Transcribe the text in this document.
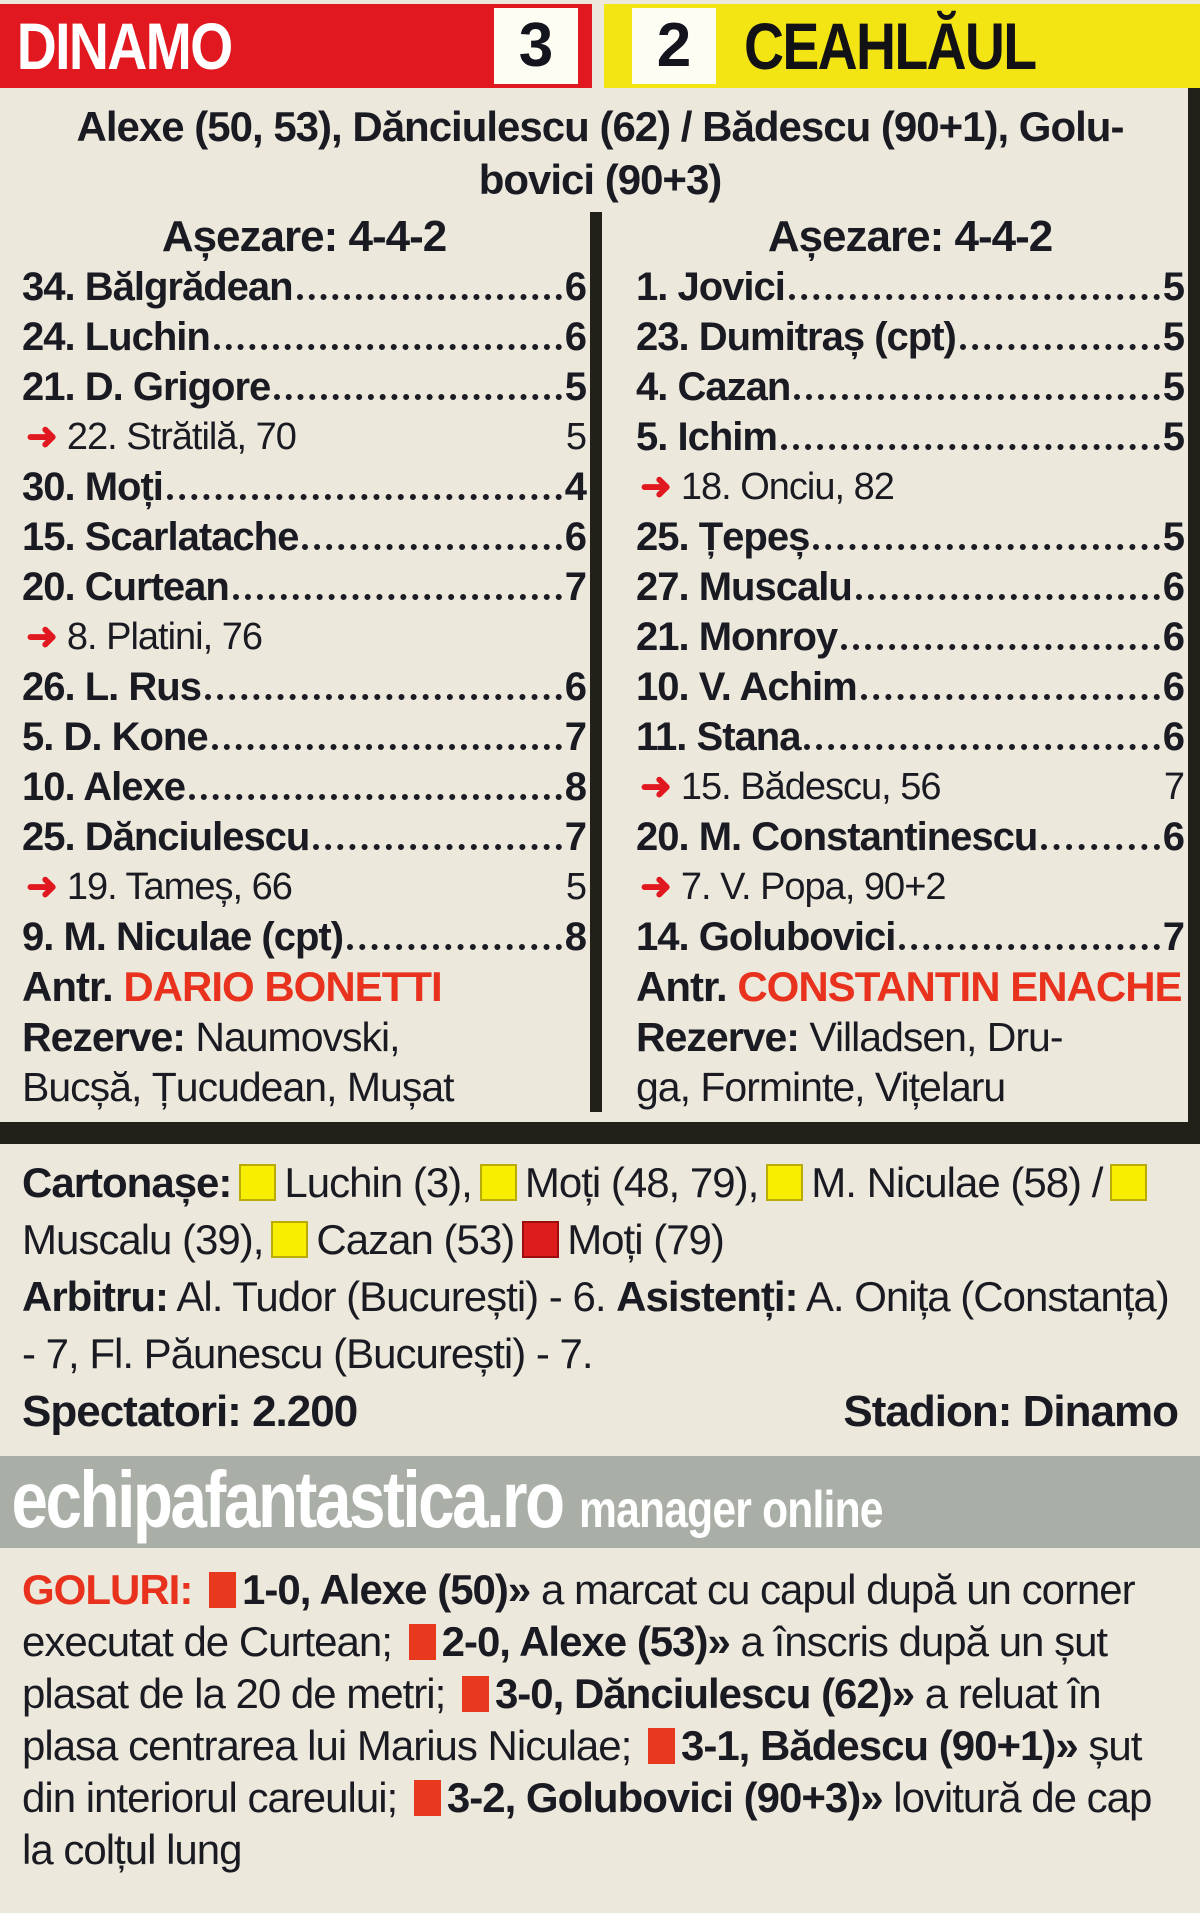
DINAMO	3	2 CEAHLĂUL
Alexe (50, 53), Dănciulescu (62) / Bădescu (90+1), Golu-
bovici (90+3)
Așezare: 4-4-2
34. Bălgrădean	6
24. Luchin	6
21. D. Grigore	5
➜ 22. Strătilă, 70	5
30. Moți	4
15. Scarlatache	6
20. Curtean	7
➜ 8. Platini, 76
26. L. Rus	6
5. D. Kone	7
10. Alexe	8
25. Dănciulescu	7
➜ 19. Tameș, 66	5
9. M. Niculae (cpt)	8
Antr. DARIO BONETTI
Rezerve: Naumovski,
Bucșă, Țucudean, Mușat
Așezare: 4-4-2
1. Jovici	5
23. Dumitraș (cpt)	5
4. Cazan	5
5. Ichim	5
➜ 18. Onciu, 82
25. Țepeș	5
27. Muscalu	6
21. Monroy	6
10. V. Achim	6
11. Stana	6
➜ 15. Bădescu, 56	7
20. M. Constantinescu	6
➜ 7. V. Popa, 90+2
14. Golubovici	7
Antr. CONSTANTIN ENACHE
Rezerve: Villadsen, Dru-
ga, Forminte, Vițelaru
Cartonașe: Luchin (3), Moți (48, 79), M. Niculae (58) /Muscalu (39), Cazan (53) Moți (79)
Arbitru: Al. Tudor (București) - 6. Asistenți: A. Onița (Constanța) - 7, Fl. Păunescu (București) - 7.
Spectatori: 2.200	Stadion: Dinamo
echipafantastica.ro manager online
GOLURI: 1-0, Alexe (50)» a marcat cu capul după un corner executat de Curtean; 2-0, Alexe (53)» a înscris după un șut plasat de la 20 de metri; 3-0, Dănciulescu (62)» a reluat în plasa centrarea lui Marius Niculae; 3-1, Bădescu (90+1)» șut din interiorul careului; 3-2, Golubovici (90+3)» lovitură de cap la colțul lung
